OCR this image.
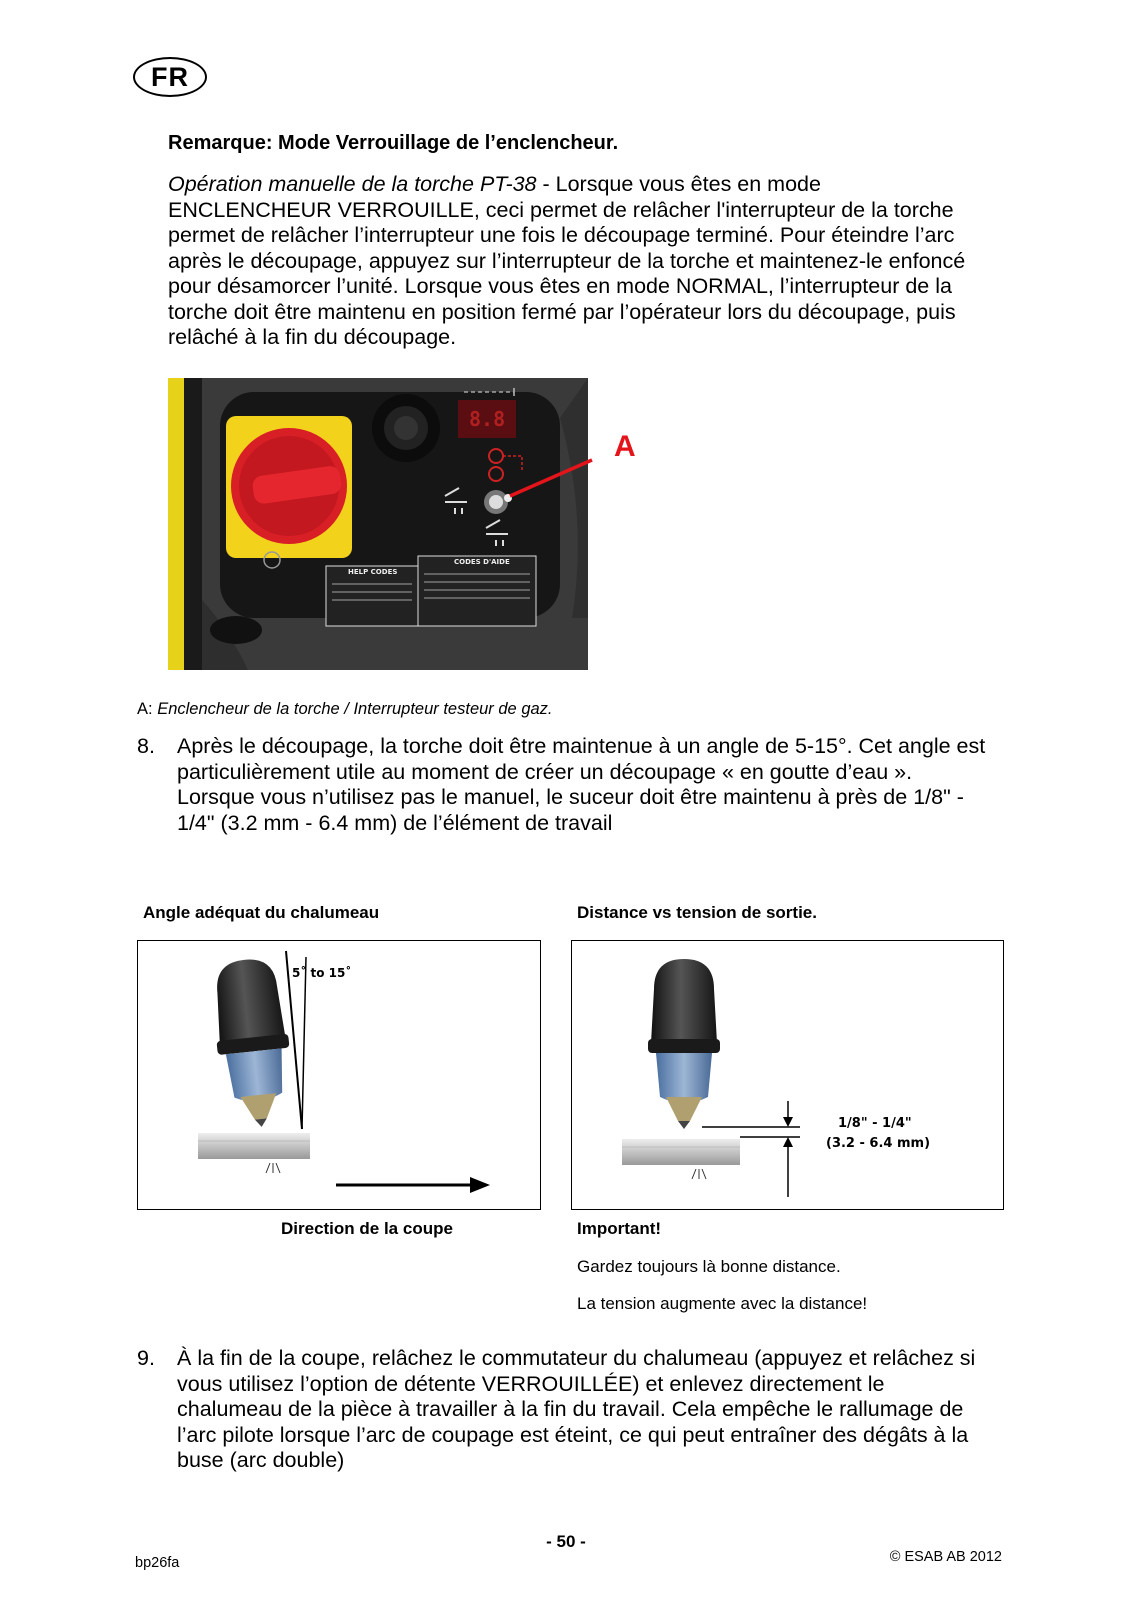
FR
Remarque: Mode Verrouillage de l’enclencheur.
Opération manuelle de la torche PT-38 - Lorsque vous êtes en mode ENCLENCHEUR VERROUILLE, ceci permet de relâcher l'interrupteur de la torche permet de relâcher l’interrupteur une fois le découpage terminé. Pour éteindre l’arc après le découpage, appuyez sur l’interrupteur de la torche et maintenez-le enfoncé pour désamorcer l’unité. Lorsque vous êtes en mode NORMAL, l’interrupteur de la torche doit être maintenu en position fermé par l’opérateur lors du découpage, puis relâché à la fin du découpage.
8.8
HELP CODES
CODES D'AIDE
A
A: Enclencheur de la torche / Interrupteur testeur de gaz.
8. Après le découpage, la torche doit être maintenue à un angle de 5-15°. Cet angle est particulièrement utile au moment de créer un découpage « en goutte d’eau ». Lorsque vous n’utilisez pas le manuel, le suceur doit être maintenu à près de 1/8" - 1/4" (3.2 mm - 6.4 mm) de l’élément de travail
Angle adéquat du chalumeau	Distance vs tension de sortie.
5˚ to 15˚
1/8" - 1/4"
(3.2 - 6.4 mm)
Direction de la coupe	Important!
Gardez toujours là bonne distance.
La tension augmente avec la distance!
9. À la fin de la coupe, relâchez le commutateur du chalumeau (appuyez et relâchez si vous utilisez l’option de détente VERROUILLÉE) et enlevez directement le chalumeau de la pièce à travailler à la fin du travail. Cela empêche le rallumage de l’arc pilote lorsque l’arc de coupage est éteint, ce qui peut entraîner des dégâts à la buse (arc double)
- 50 -
bp26fa	© ESAB AB 2012
